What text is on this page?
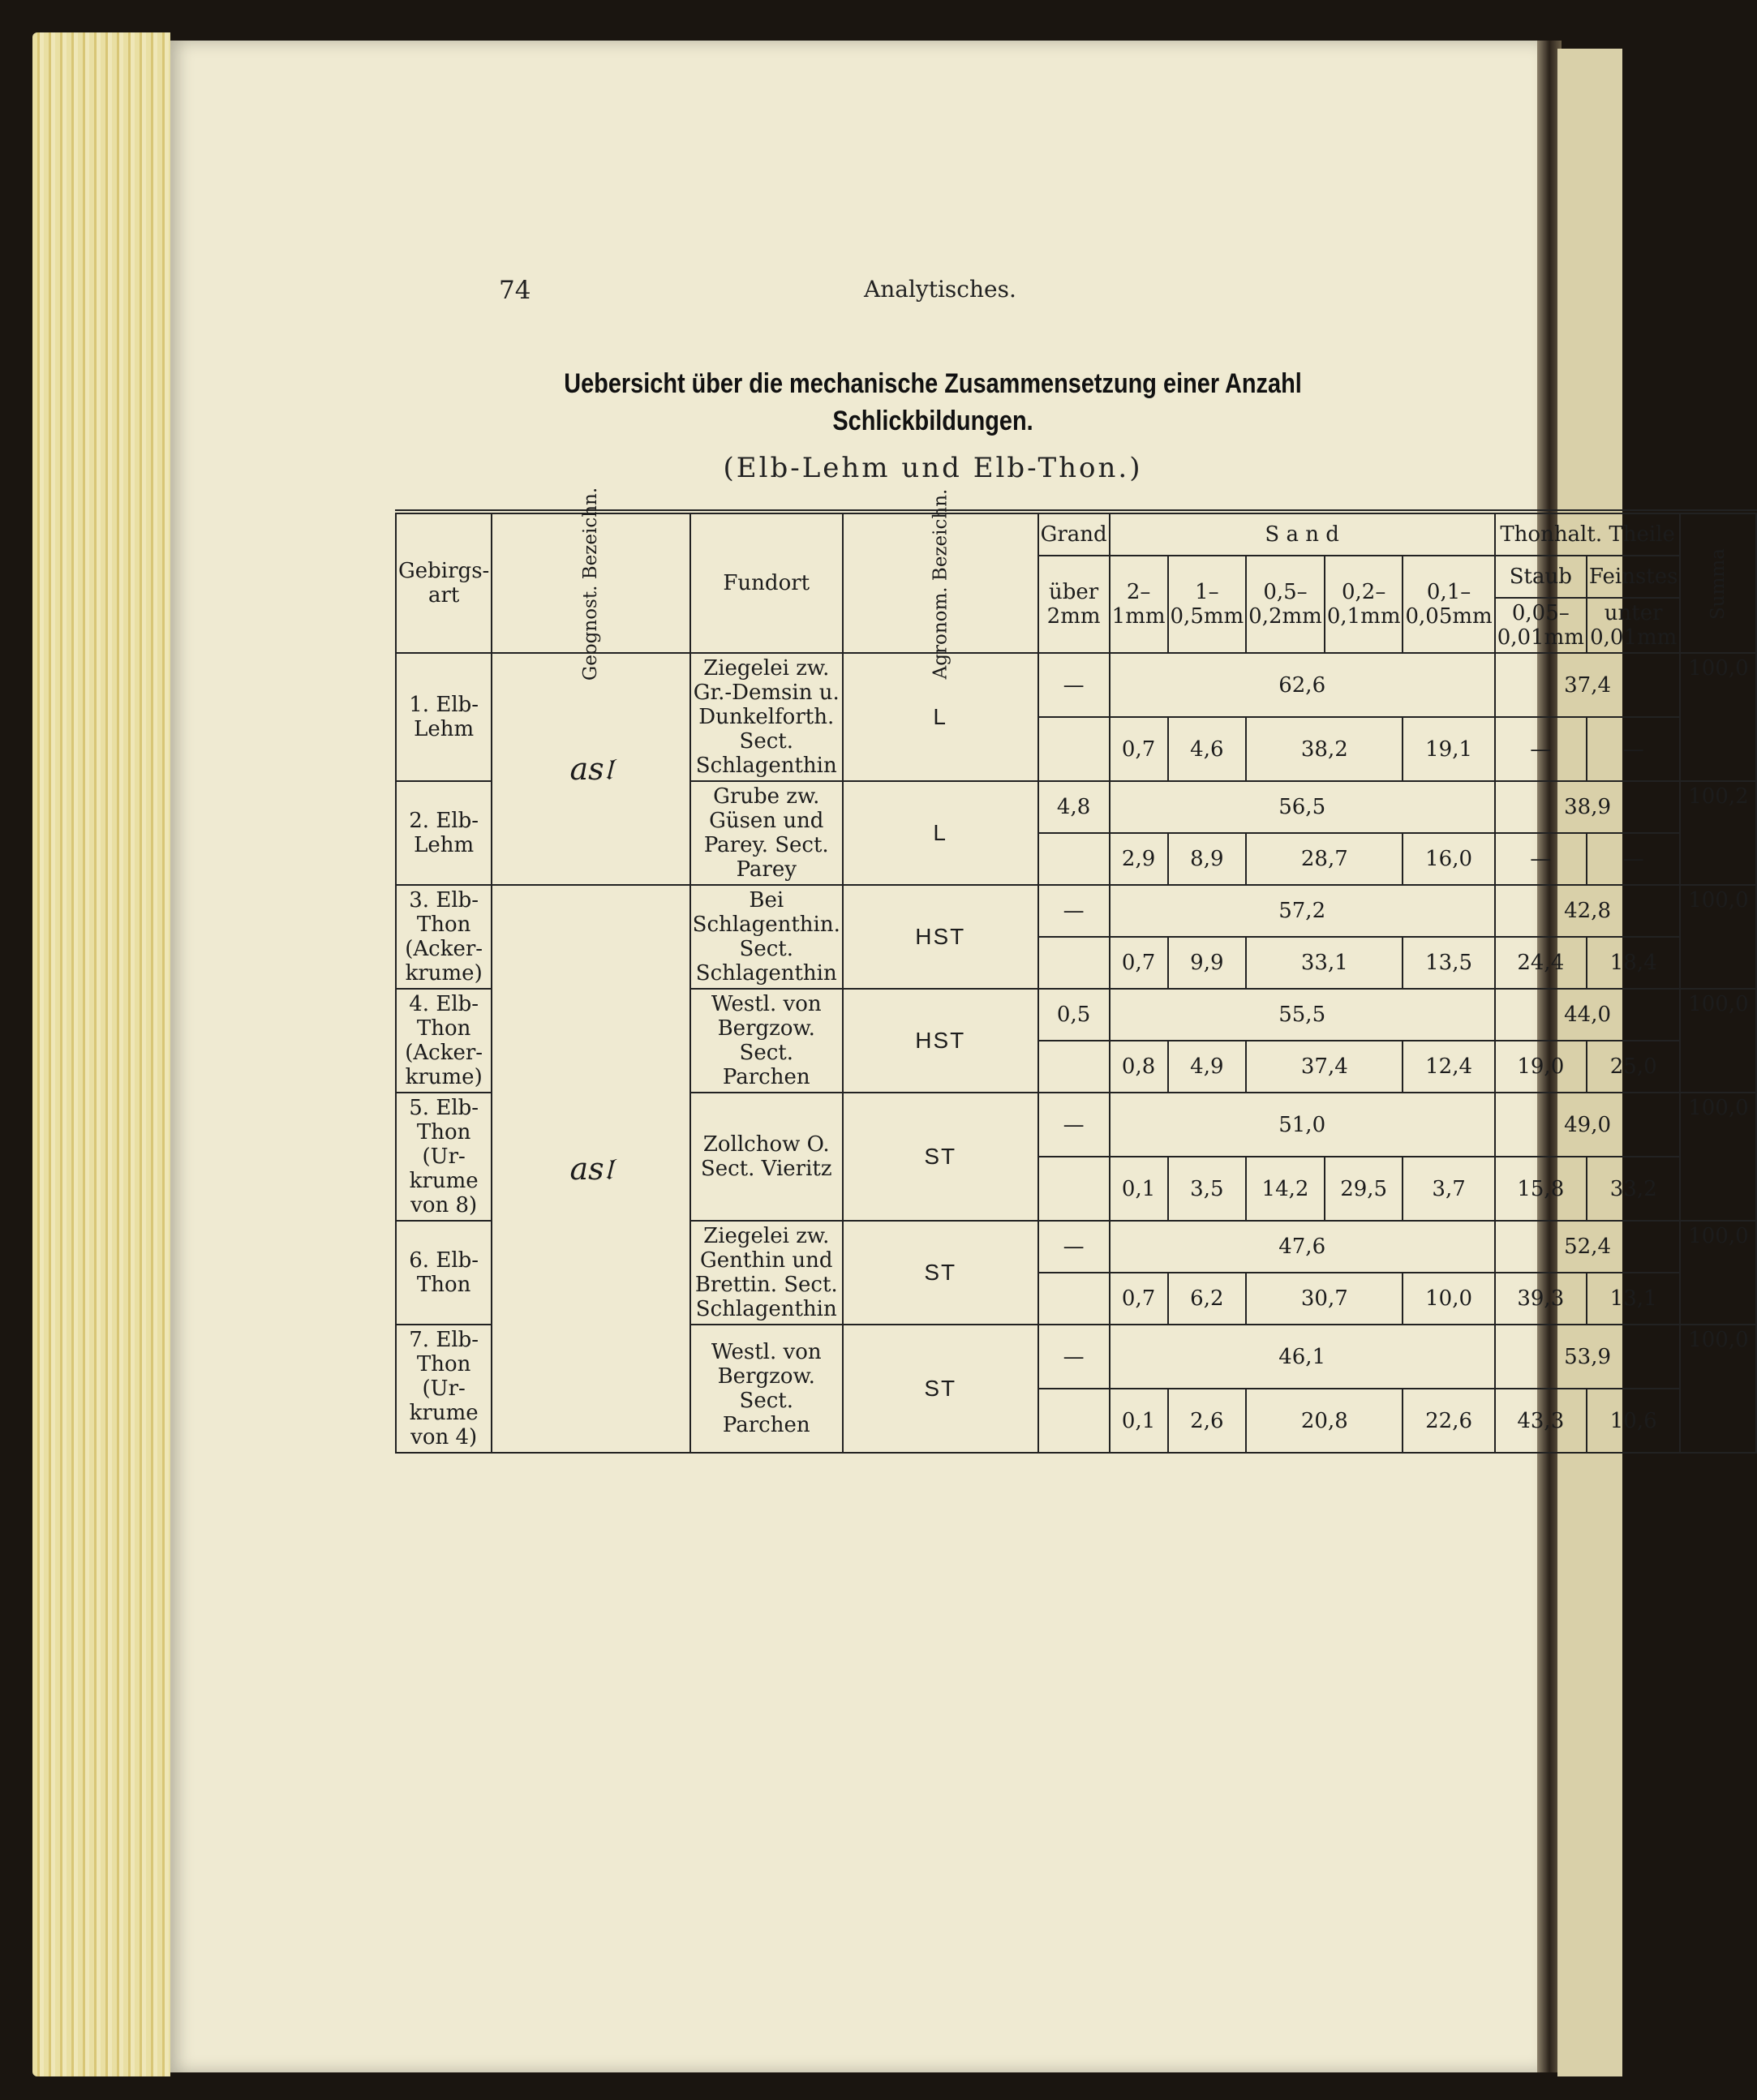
74	Analytisches.
Uebersicht über die mechanische Zusammensetzung einer Anzahl
Schlickbildungen.
(Elb-Lehm und Elb-Thon.)
Gebirgs-art	Geognost. Bezeichn.	Fundort	Agronom. Bezeichn.	Grand	S a n d					Thonhalt. Theile		Summa
				über 2mm	2–1mm	1–0,5mm	0,5–0,2mm	0,2–0,1mm	0,1–0,05mm	Staub	Feinstes	
										0,05–0,01mm	unter 0,01mm	
1. Elb-Lehm	as𝔩	Ziegelei zw. Gr.-Demsin u. Dunkelforth. Sect. Schlagenthin	L	—	62,6					37,4		100,0
					0,7	4,6	38,2		19,1	—	—	
2. Elb-Lehm		Grube zw. Güsen und Parey. Sect. Parey	L	4,8	56,5					38,9		100,2
					2,9	8,9	28,7		16,0	—	—	
3. Elb-Thon (Acker-krume)	as𝔩	Bei Schlagenthin. Sect. Schlagenthin	HST	—	57,2					42,8		100,0
					0,7	9,9	33,1		13,5	24,4	18,4	
4. Elb-Thon (Acker-krume)		Westl. von Bergzow. Sect. Parchen	HST	0,5	55,5					44,0		100,0
					0,8	4,9	37,4		12,4	19,0	25,0	
5. Elb-Thon (Ur-krume von 8)		Zollchow O. Sect. Vieritz	ST	—	51,0					49,0		100,0
					0,1	3,5	14,2	29,5	3,7	15,8	33,2	
6. Elb-Thon		Ziegelei zw. Genthin und Brettin. Sect. Schlagenthin	ST	—	47,6					52,4		100,0
					0,7	6,2	30,7		10,0	39,3	13,1	
7. Elb-Thon (Ur-krume von 4)		Westl. von Bergzow. Sect. Parchen	ST	—	46,1					53,9		100,0
					0,1	2,6	20,8		22,6	43,3	10,6	
